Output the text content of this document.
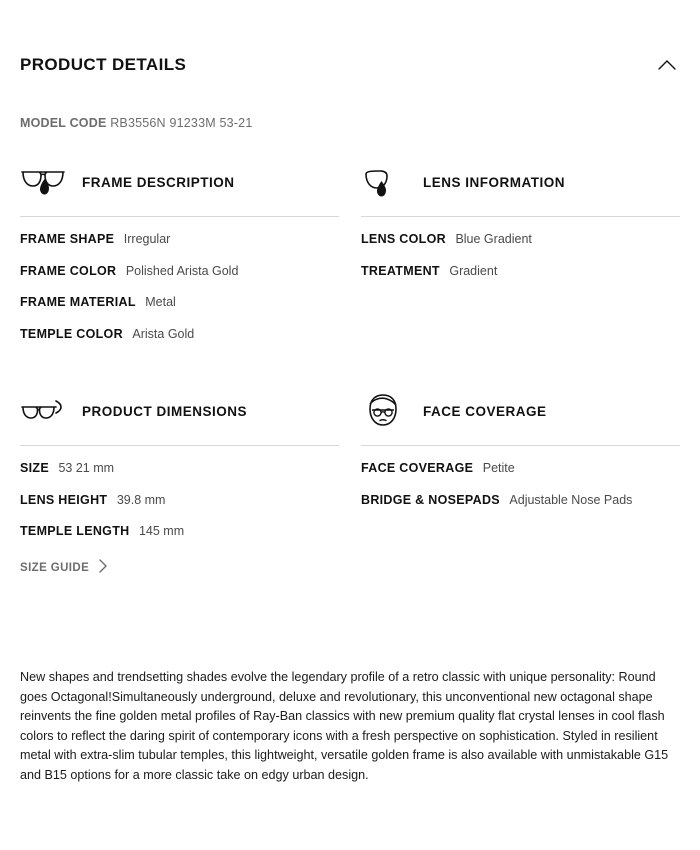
PRODUCT DETAILS
MODEL CODE RB3556N 91233M 53-21
FRAME DESCRIPTION
FRAME SHAPE Irregular
FRAME COLOR Polished Arista Gold
FRAME MATERIAL Metal
TEMPLE COLOR Arista Gold
LENS INFORMATION
LENS COLOR Blue Gradient
TREATMENT Gradient
PRODUCT DIMENSIONS
SIZE 53 21 mm
LENS HEIGHT 39.8 mm
TEMPLE LENGTH 145 mm
SIZE GUIDE
FACE COVERAGE
FACE COVERAGE Petite
BRIDGE & NOSEPADS Adjustable Nose Pads
New shapes and trendsetting shades evolve the legendary profile of a retro classic with unique personality: Round goes Octagonal!Simultaneously underground, deluxe and revolutionary, this unconventional new octagonal shape reinvents the fine golden metal profiles of Ray-Ban classics with new premium quality flat crystal lenses in cool flash colors to reflect the daring spirit of contemporary icons with a fresh perspective on sophistication. Styled in resilient metal with extra-slim tubular temples, this lightweight, versatile golden frame is also available with unmistakable G15 and B15 options for a more classic take on edgy urban design.
